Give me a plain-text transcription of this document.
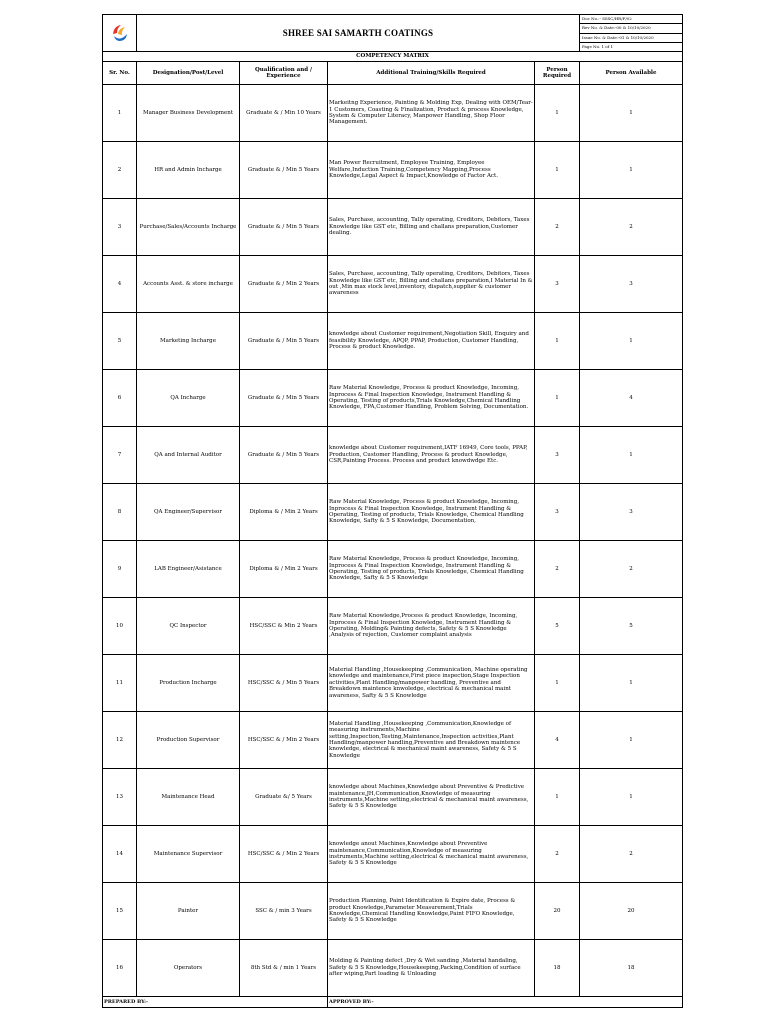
	SHREE SAI SAMARTH COATINGS				Doc No.:- SSSC/HR/F/02
					Rev No. & Date:-00 & 10/10/2020
					Issue No. & Date:-01 & 10/10/2020
					Page No. 1 of 1
COMPETENCY MATRIX					
Sr. No.	Designation/Post/Level	Qualification and / Experience	Additional Training/Skills Required	Person Required	Person Available
1	Manager Business Development	Graduate & / Min 10 Years	Markeitng Experience, Painting & Molding Exp, Dealing with OEM/Tear-1 Customers, Coasting & Finalization, Product & process Knowledge, System & Computer Literacy, Manpower Handling, Shop Floor Management.	1	1
2	HR and Admin Incharge	Graduate & / Min 5 Years	Man Power Recruitment, Employee Training, Employee Welfare,Induction Training,Competency Mapping,Process Knowledge,Legal Aspect & Impact,Knowledge of Factor Act.	1	1
3	Purchase/Sales/Accounts Incharge	Graduate & / Min 5 Years	Sales, Purchase, accounting, Tally operating, Creditors, Debitors, Taxes Knowledge like GST etc, Billing and challans preparation,Customer dealing.	2	2
4	Accounts Asst. & store incharge	Graduate & / Min 2 Years	Sales, Purchase, accounting, Tally operating, Creditors, Debitors, Taxes Knowledge like GST etc, Billing and challans preparation,I Material In & out ,Min max stock level,inventory, dispatch,supplier & customer awareness	3	3
5	Marketing Incharge	Graduate & / Min 5 Years	knowledge about Customer requirement,Negotiation Skill, Enquiry and feasibility Knowledge, APQP, PPAP, Production, Customer Handling, Process & product Knowledge.	1	1
6	QA Incharge	Graduate & / Min 5 Years	Raw Material Knowledge, Process & product Knowledge, Incoming, Inprocess & Final Inspection Knowledge, Instrument Handling & Operating, Testing of products,Trials Knowledge,Chemical Handling Knowledge, FPA,Customer Handling, Problem Solving, Documentation.	1	4
7	QA and Internal Auditor	Graduate & / Min 5 Years	knowledge about Customer requirement,IATF 16949, Core tools, PPAP, Production, Customer Handling, Process & product Knowledge, CSR,Painting Process. Process and product knowdwdge Etc.	3	1
8	QA Engineer/Supervisor	Diploma & / Min 2 Years	Raw Material Knowledge, Process & product Knowledge, Incoming, Inprocess & Final Inspection Knowledge, Instrument Handling & Operating, Testing of products, Trials Knowledge, Chemical Handling Knowledge, Safty & 5 S Knowledge, Documentation,	3	3
9	LAB Engineer/Asistance	Diploma & / Min 2 Years	Raw Material Knowledge, Process & product Knowledge, Incoming, Inprocess & Final Inspection Knowledge, Instrument Handling & Operating, Testing of products, Trials Knowledge, Chemical Handling Knowledge, Safty & 5 S Knowledge	2	2
10	QC Inspector	HSC/SSC & Min 2 Years	Raw Material Knowledge,Process & product Knowledge, Incoming, Inprocess & Final Inspection Knowledge, Instrument Handling & Operating, Molding& Painting defects, Safety & 5 S Knowledge ,Analysis of rejection, Customer complaint analysis	5	5
11	Production Incharge	HSC/SSC & / Min 5 Years	Material Handling ,Housekeeping ,Communication, Machine operating knowledge and maintenance,First piece inspection,Stage Inspection activities,Plant Handling/manpower handling, Preventive and Breakdown maintence knwoledge, electrical & mechanical maint awareness, Safty & 5 S Knowledge	1	1
12	Production Supervisor	HSC/SSC & / Min 2 Years	Material Handling ,Housekeeping ,Communication,Knowledge of measuring instruments,Machine setting,Inspection,Testing,Maintenance,Inspection activities,Plant Handling/manpower handling,Preventive and Breakdown maintence knowledge, electrical & mechanical maint awareness, Safety & 5 S Knowledge	4	1
13	Maintenance Head	Graduate &/ 5 Years	knowledge about Machines,Knowledge about Preventive & Predictive maintenance,JH,Communication,Knowledge of measuring instruments,Machine setting,electrical & mechanical maint awareness, Safety & 5 S Knowledge	1	1
14	Maintenance Supervisor	HSC/SSC & / Min 2 Years	knowledge anout Machines,Knowledge about Preventive maintenance,Communication,Knowledge of measuring instruments,Machine setting,electrical & mechanical maint awareness, Safety & 5 S Knowledge	2	2
15	Painter	SSC & / min 3 Years	Production Planning, Paint Identification & Expire date, Process & product Knowledge,Parameter Measurement,Trials Knowledge,Chemical Handling Knowledge,Paint FIFO Knowledge, Safety & 5 S Knowledge	20	20
16	Operators	8th Std & / min 1 Years	Molding & Painting defect ,Dry & Wet sanding ,Material handaling, Safety & 5 S Knowledge,Housekeeping,Packing,Condition of surface after wiping,Part loading & Unloading	18	18
PREPARED BY:-			APPROVED BY:-		
